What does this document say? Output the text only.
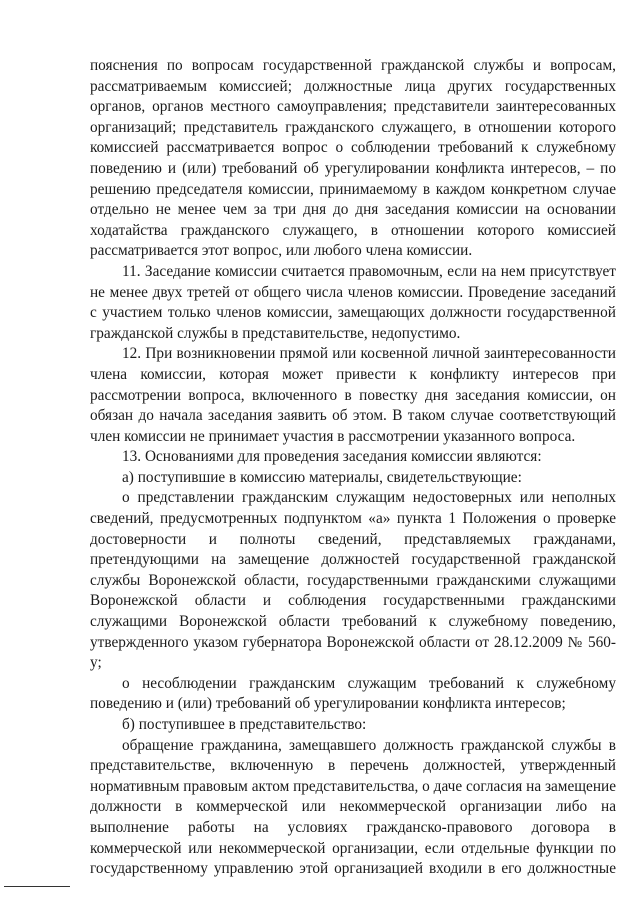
пояснения по вопросам государственной гражданской службы и вопросам, рассматриваемым комиссией; должностные лица других государственных органов, органов местного самоуправления; представители заинтересованных организаций; представитель гражданского служащего, в отношении которого комиссией рассматривается вопрос о соблюдении требований к служебному поведению и (или) требований об урегулировании конфликта интересов, – по решению председателя комиссии, принимаемому в каждом конкретном случае отдельно не менее чем за три дня до дня заседания комиссии на основании ходатайства гражданского служащего, в отношении которого комиссией рассматривается этот вопрос, или любого члена комиссии.

11. Заседание комиссии считается правомочным, если на нем присутствует не менее двух третей от общего числа членов комиссии. Проведение заседаний с участием только членов комиссии, замещающих должности государственной гражданской службы в представительстве, недопустимо.

12. При возникновении прямой или косвенной личной заинтересованности члена комиссии, которая может привести к конфликту интересов при рассмотрении вопроса, включенного в повестку дня заседания комиссии, он обязан до начала заседания заявить об этом. В таком случае соответствующий член комиссии не принимает участия в рассмотрении указанного вопроса.

13. Основаниями для проведения заседания комиссии являются:

а) поступившие в комиссию материалы, свидетельствующие:

о представлении гражданским служащим недостоверных или неполных сведений, предусмотренных подпунктом «а» пункта 1 Положения о проверке достоверности и полноты сведений, представляемых гражданами, претендующими на замещение должностей государственной гражданской службы Воронежской области, государственными гражданскими служащими Воронежской области и соблюдения государственными гражданскими служащими Воронежской области требований к служебному поведению, утвержденного указом губернатора Воронежской области от 28.12.2009 № 560-у;

о несоблюдении гражданским служащим требований к служебному поведению и (или) требований об урегулировании конфликта интересов;

б) поступившее в представительство:

обращение гражданина, замещавшего должность гражданской службы в представительстве, включенную в перечень должностей, утвержденный нормативным правовым актом представительства, о даче согласия на замещение должности в коммерческой или некоммерческой организации либо на выполнение работы на условиях гражданско-правового договора в коммерческой или некоммерческой организации, если отдельные функции по государственному управлению этой организацией входили в его должностные
